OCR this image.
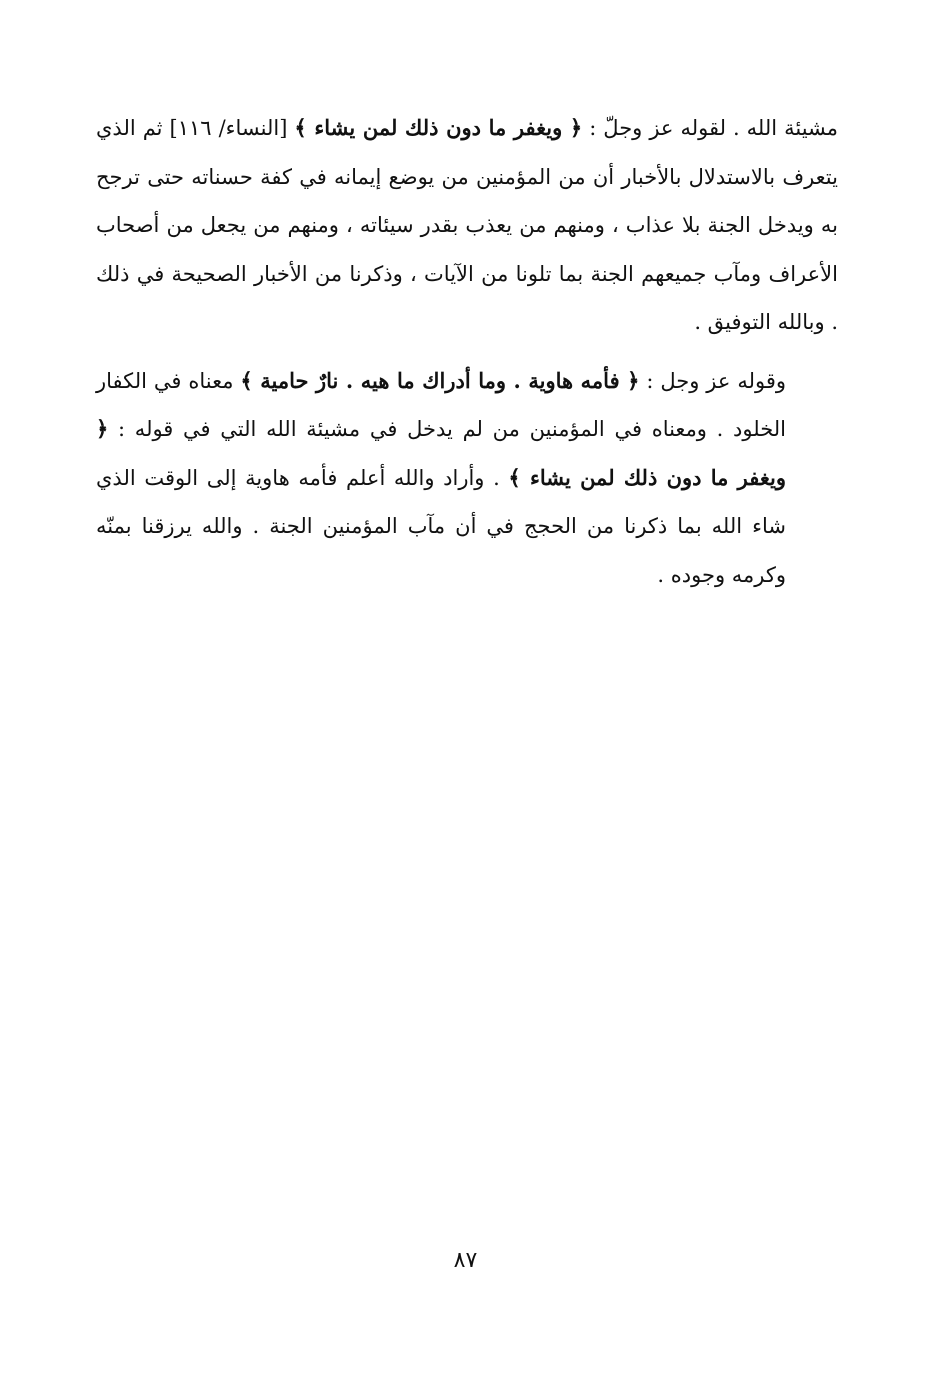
مشيئة الله . لقوله عز وجلّ : ﴿ ويغفر ما دون ذلك لمن يشاء ﴾ [النساء/ ١١٦] ثم الذي يتعرف بالاستدلال بالأخبار أن من المؤمنين من يوضع إيمانه في كفة حسناته حتى ترجح به ويدخل الجنة بلا عذاب ، ومنهم من يعذب بقدر سيئاته ، ومنهم من يجعل من أصحاب الأعراف ومآب جميعهم الجنة بما تلونا من الآيات ، وذكرنا من الأخبار الصحيحة في ذلك . وبالله التوفيق .

وقوله عز وجل : ﴿ فأمه هاوية . وما أدراك ما هيه . نارٌ حامية ﴾ معناه في الكفار الخلود . ومعناه في المؤمنين من لم يدخل في مشيئة الله التي في قوله : ﴿ ويغفر ما دون ذلك لمن يشاء ﴾ . وأراد والله أعلم فأمه هاوية إلى الوقت الذي شاء الله بما ذكرنا من الحجج في أن مآب المؤمنين الجنة . والله يرزقنا بمنّه وكرمه وجوده .

٨٧
